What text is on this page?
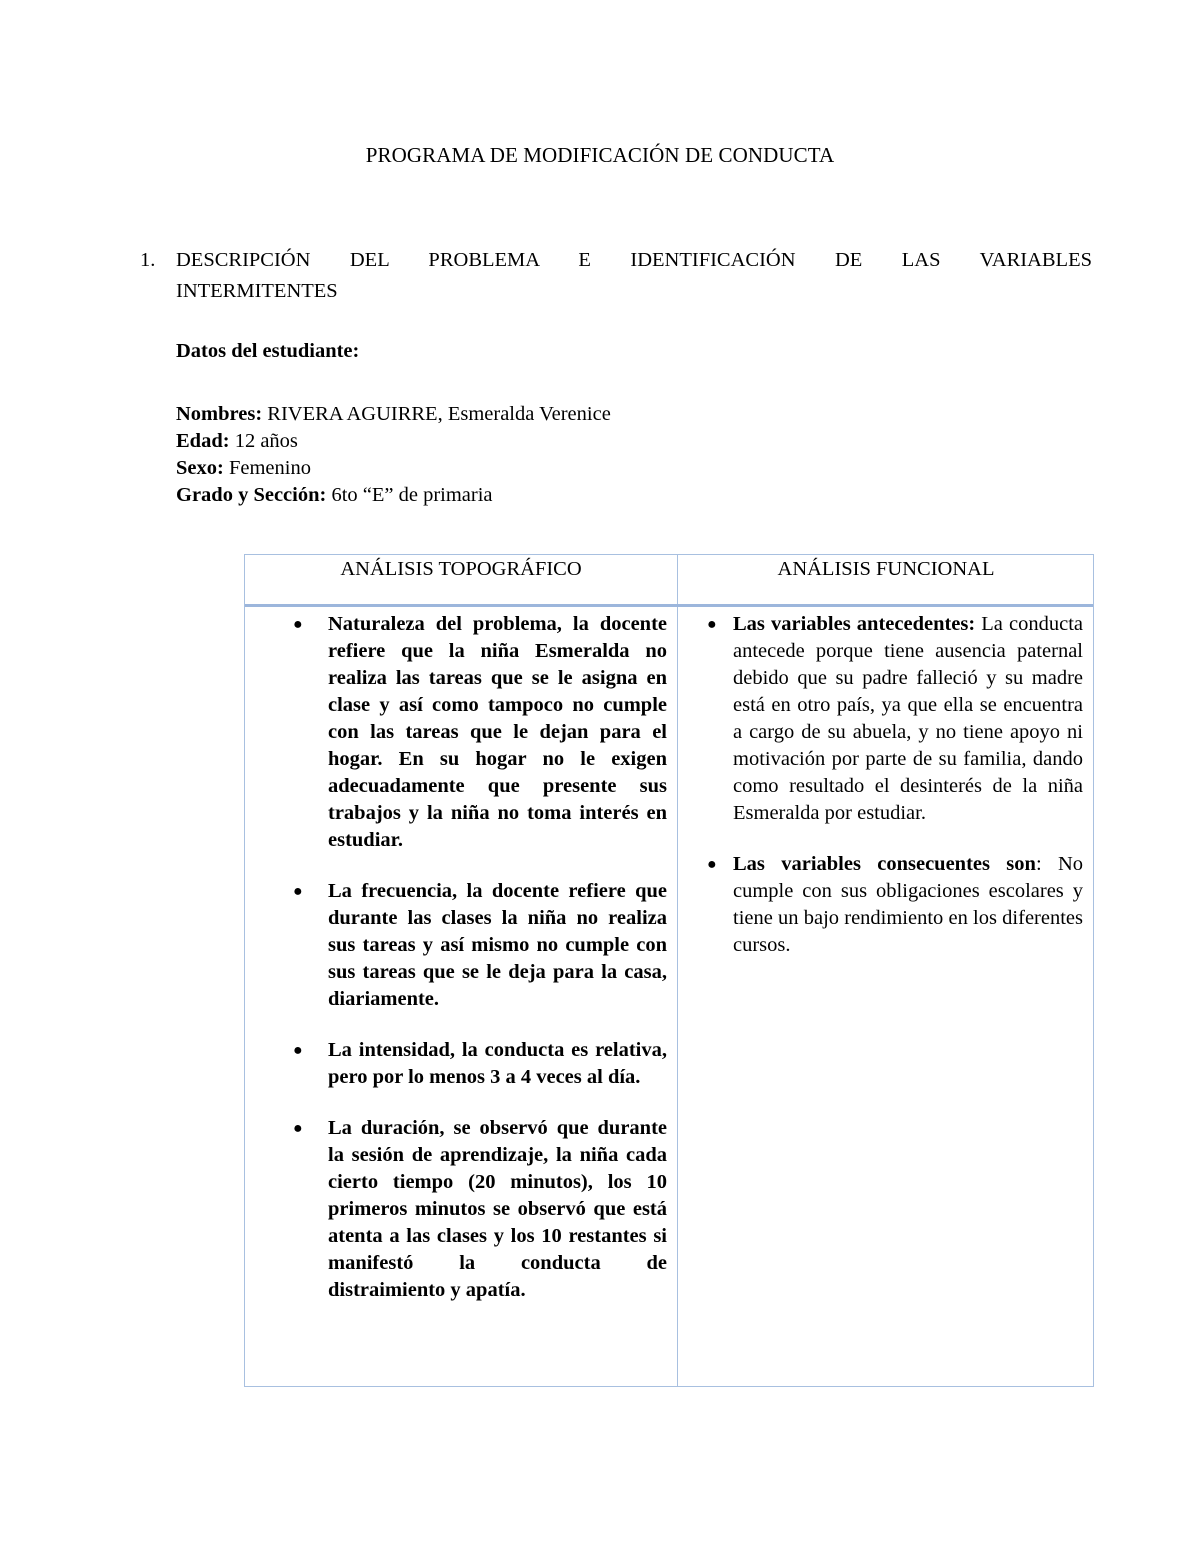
PROGRAMA DE MODIFICACIÓN DE CONDUCTA
1. DESCRIPCIÓN DEL PROBLEMA E IDENTIFICACIÓN DE LAS VARIABLES
INTERMITENTES
Datos del estudiante:
Nombres: RIVERA AGUIRRE, Esmeralda Verenice
Edad: 12 años
Sexo: Femenino
Grado y Sección: 6to “E” de primaria
ANÁLISIS TOPOGRÁFICO	ANÁLISIS FUNCIONAL
● Naturaleza del problema, la docente refiere que la niña Esmeralda no realiza las tareas que se le asigna en clase y así como tampoco no cumple con las tareas que le dejan para el hogar. En su hogar no le exigen adecuadamente que presente sus trabajos y la niña no toma interés en estudiar.
● La frecuencia, la docente refiere que durante las clases la niña no realiza sus tareas y así mismo no cumple con sus tareas que se le deja para la casa, diariamente.
● La intensidad, la conducta es relativa, pero por lo menos 3 a 4 veces al día.
● La duración, se observó que durante la sesión de aprendizaje, la niña cada cierto tiempo (20 minutos), los 10 primeros minutos se observó que está atenta a las clases y los 10 restantes si manifestó la conducta de distraimiento y apatía.
● Las variables antecedentes: La conducta antecede porque tiene ausencia paternal debido que su padre falleció y su madre está en otro país, ya que ella se encuentra a cargo de su abuela, y no tiene apoyo ni motivación por parte de su familia, dando como resultado el desinterés de la niña Esmeralda por estudiar.
● Las variables consecuentes son: No cumple con sus obligaciones escolares y tiene un bajo rendimiento en los diferentes cursos.
